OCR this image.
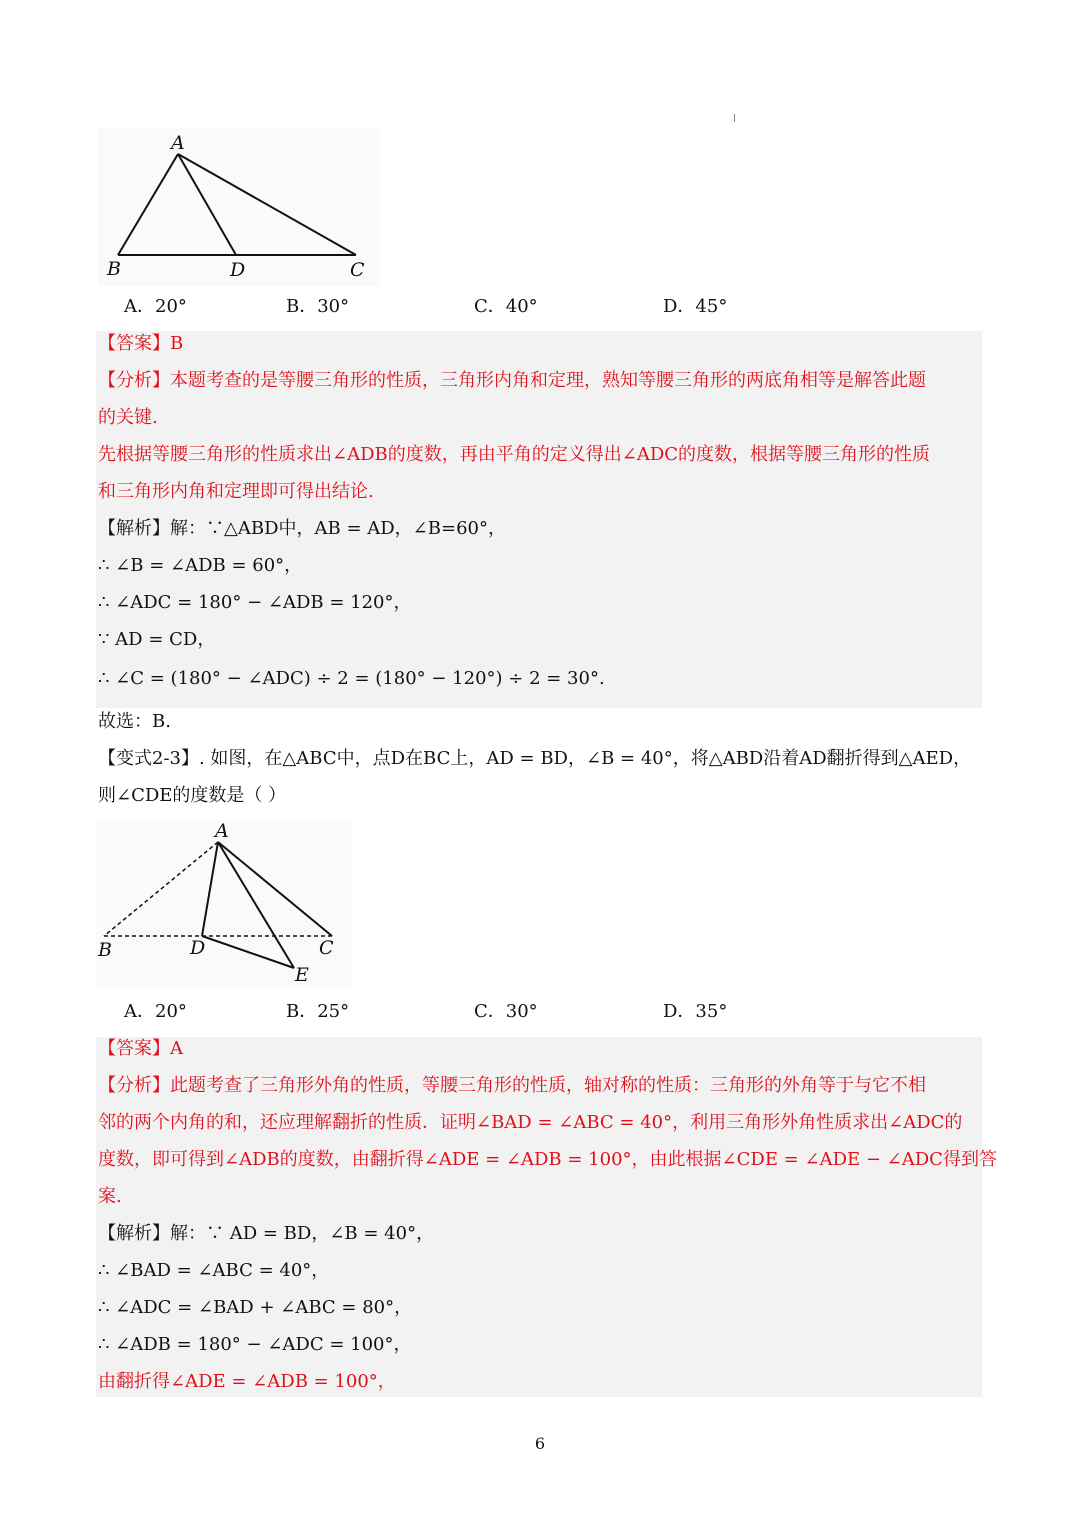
A
B	D	C
A．20°	B．30°	C．40°	D．45°
【答案】B
【分析】本题考查的是等腰三角形的性质，三角形内角和定理，熟知等腰三角形的两底角相等是解答此题
的关键.
先根据等腰三角形的性质求出∠ADB的度数，再由平角的定义得出∠ADC的度数，根据等腰三角形的性质
和三角形内角和定理即可得出结论.
【解析】解：∵△ABD中，AB = AD，∠B=60°，
∴ ∠B = ∠ADB = 60°，
∴ ∠ADC = 180° − ∠ADB = 120°，
∵ AD = CD，
∴ ∠C = (180° − ∠ADC) ÷ 2 = (180° − 120°) ÷ 2 = 30°.
故选：B.
【变式2-3】. 如图，在△ABC中，点D在BC上，AD = BD，∠B = 40°，将△ABD沿着AD翻折得到△AED，
则∠CDE的度数是（ ）
A
B	D	C
E
A．20°	B．25°	C．30°	D．35°
【答案】A
【分析】此题考查了三角形外角的性质，等腰三角形的性质，轴对称的性质：三角形的外角等于与它不相
邻的两个内角的和，还应理解翻折的性质．证明∠BAD = ∠ABC = 40°，利用三角形外角性质求出∠ADC的
度数，即可得到∠ADB的度数，由翻折得∠ADE = ∠ADB = 100°，由此根据∠CDE = ∠ADE − ∠ADC得到答
案.
【解析】解：∵ AD = BD，∠B = 40°，
∴ ∠BAD = ∠ABC = 40°，
∴ ∠ADC = ∠BAD + ∠ABC = 80°，
∴ ∠ADB = 180° − ∠ADC = 100°，
由翻折得∠ADE = ∠ADB = 100°，
6
